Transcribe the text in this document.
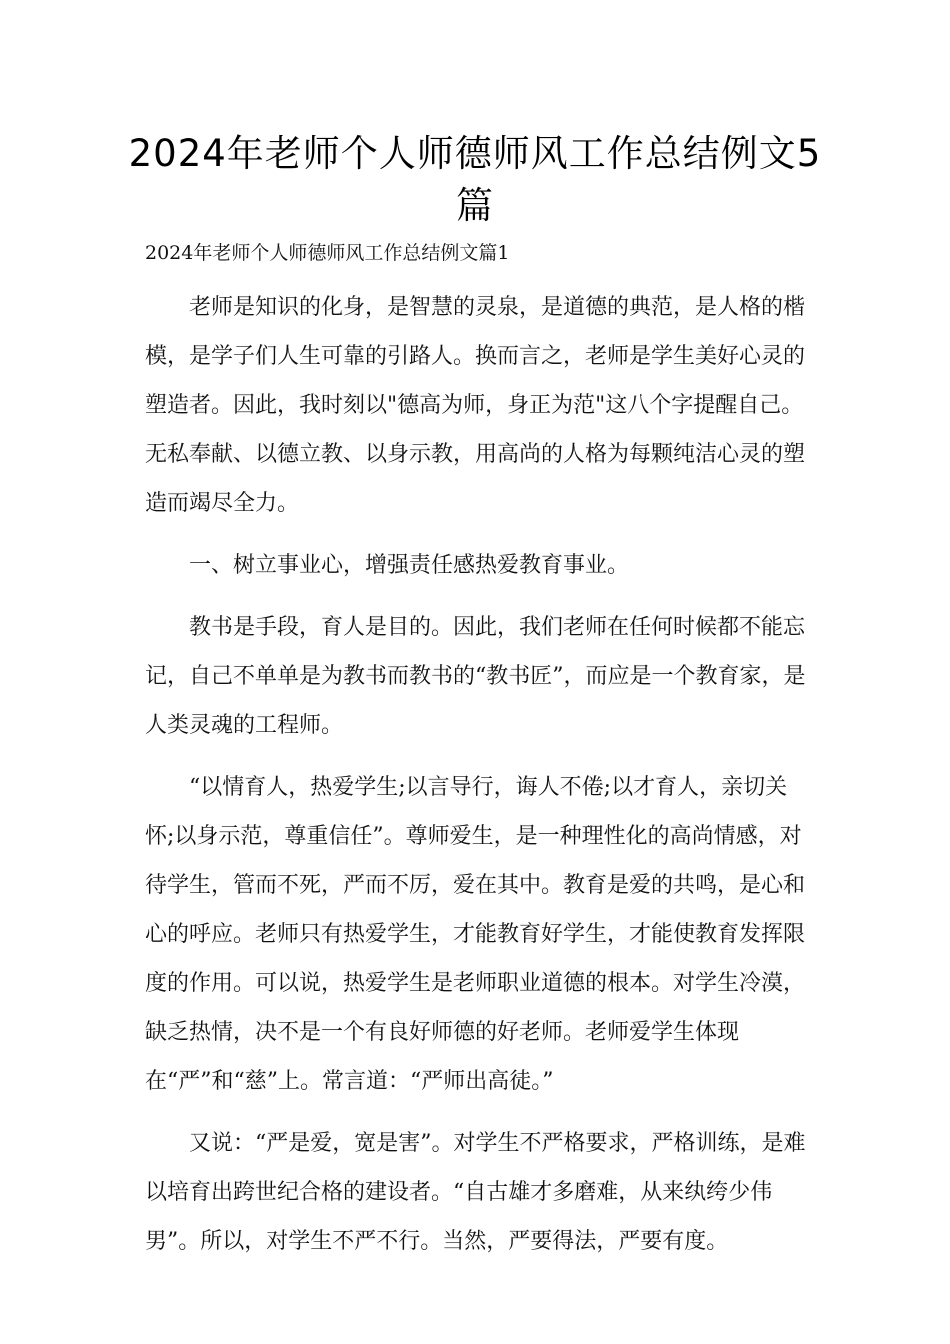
2024年老师个人师德师风工作总结例文5篇

2024年老师个人师德师风工作总结例文篇1

老师是知识的化身，是智慧的灵泉，是道德的典范，是人格的楷模，是学子们人生可靠的引路人。换而言之，老师是学生美好心灵的塑造者。因此，我时刻以"德高为师，身正为范"这八个字提醒自己。无私奉献、以德立教、以身示教，用高尚的人格为每颗纯洁心灵的塑造而竭尽全力。

一、树立事业心，增强责任感热爱教育事业。

教书是手段，育人是目的。因此，我们老师在任何时候都不能忘记，自己不单单是为教书而教书的“教书匠”，而应是一个教育家，是人类灵魂的工程师。

“以情育人，热爱学生;以言导行，诲人不倦;以才育人，亲切关怀;以身示范，尊重信任”。尊师爱生，是一种理性化的高尚情感，对待学生，管而不死，严而不厉，爱在其中。教育是爱的共鸣，是心和心的呼应。老师只有热爱学生，才能教育好学生，才能使教育发挥限度的作用。可以说，热爱学生是老师职业道德的根本。对学生冷漠，缺乏热情，决不是一个有良好师德的好老师。老师爱学生体现在“严”和“慈”上。常言道：“严师出高徒。”

又说：“严是爱，宽是害”。对学生不严格要求，严格训练，是难以培育出跨世纪合格的建设者。“自古雄才多磨难，从来纨绔少伟男”。所以，对学生不严不行。当然，严要得法，严要有度。
